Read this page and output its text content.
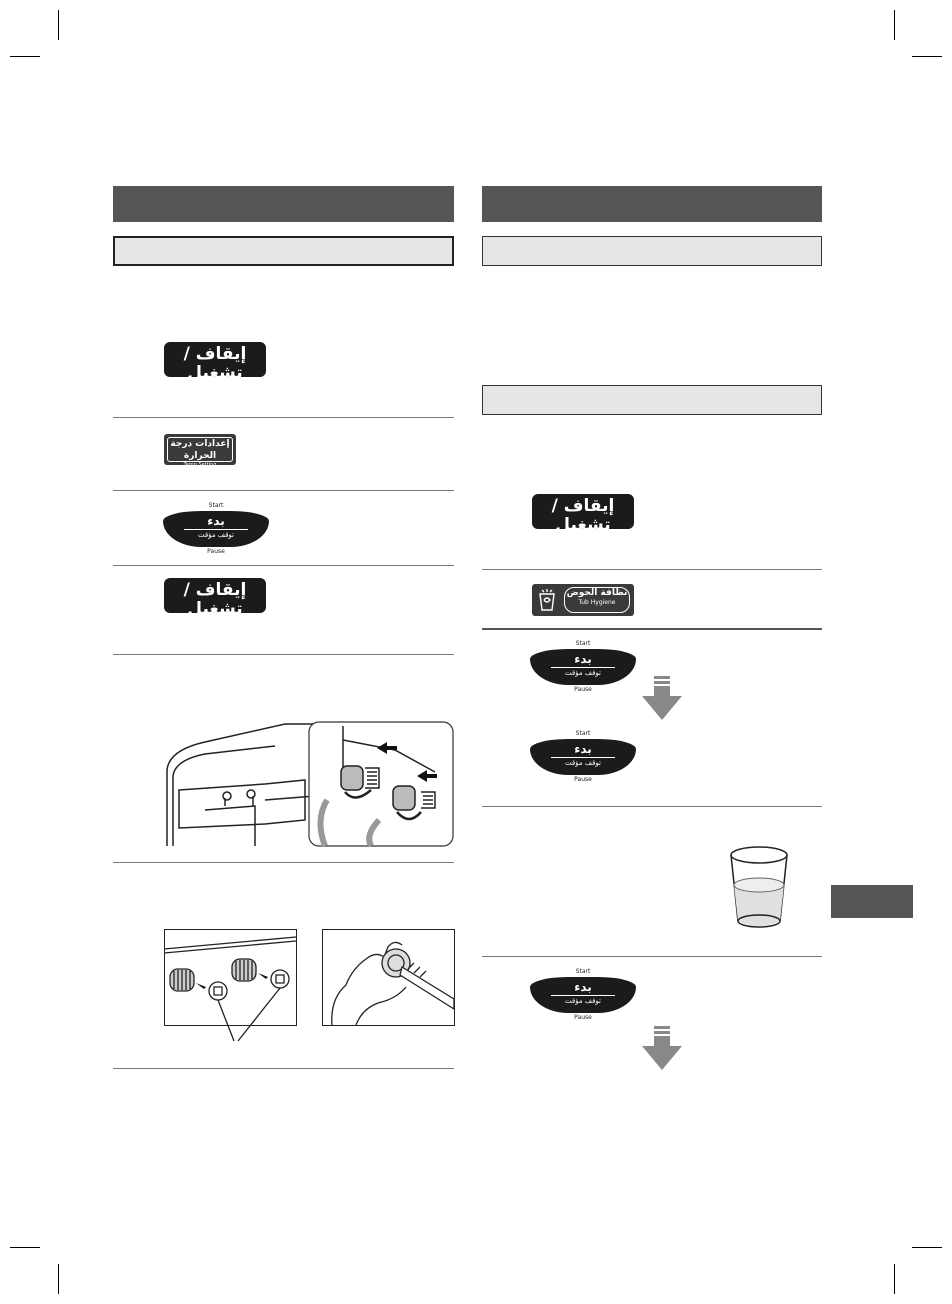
إيقاف / تشغيل
Off / On
إعدادات درجة الحرارة
Temp Setting
Start
بدء
توقف مؤقت
Pause
إيقاف / تشغيل
Off / On
إيقاف / تشغيل
Off / On
نظافة الحوض
Tub Hygiene
Start
بدء
توقف مؤقت
Pause
Start
بدء
توقف مؤقت
Pause
Start
بدء
توقف مؤقت
Pause
